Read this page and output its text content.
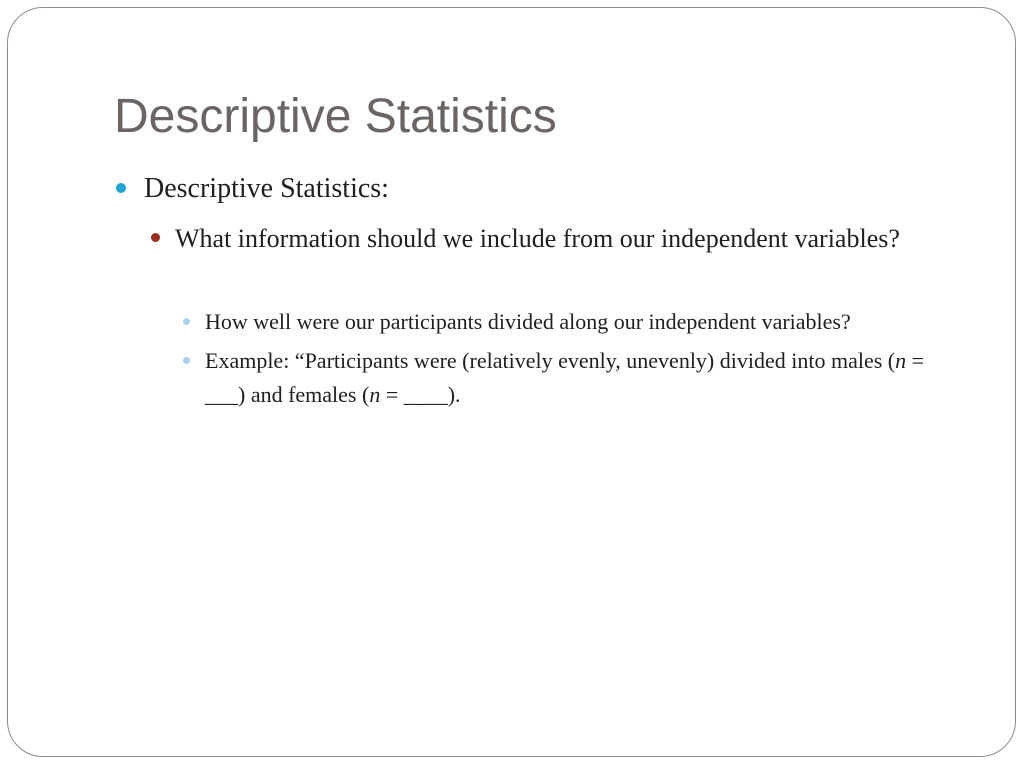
Descriptive Statistics
Descriptive Statistics:
What information should we include from our independent variables?
How well were our participants divided along our independent variables?
Example: “Participants were (relatively evenly, unevenly) divided into males (n = ___) and females (n = ____).
